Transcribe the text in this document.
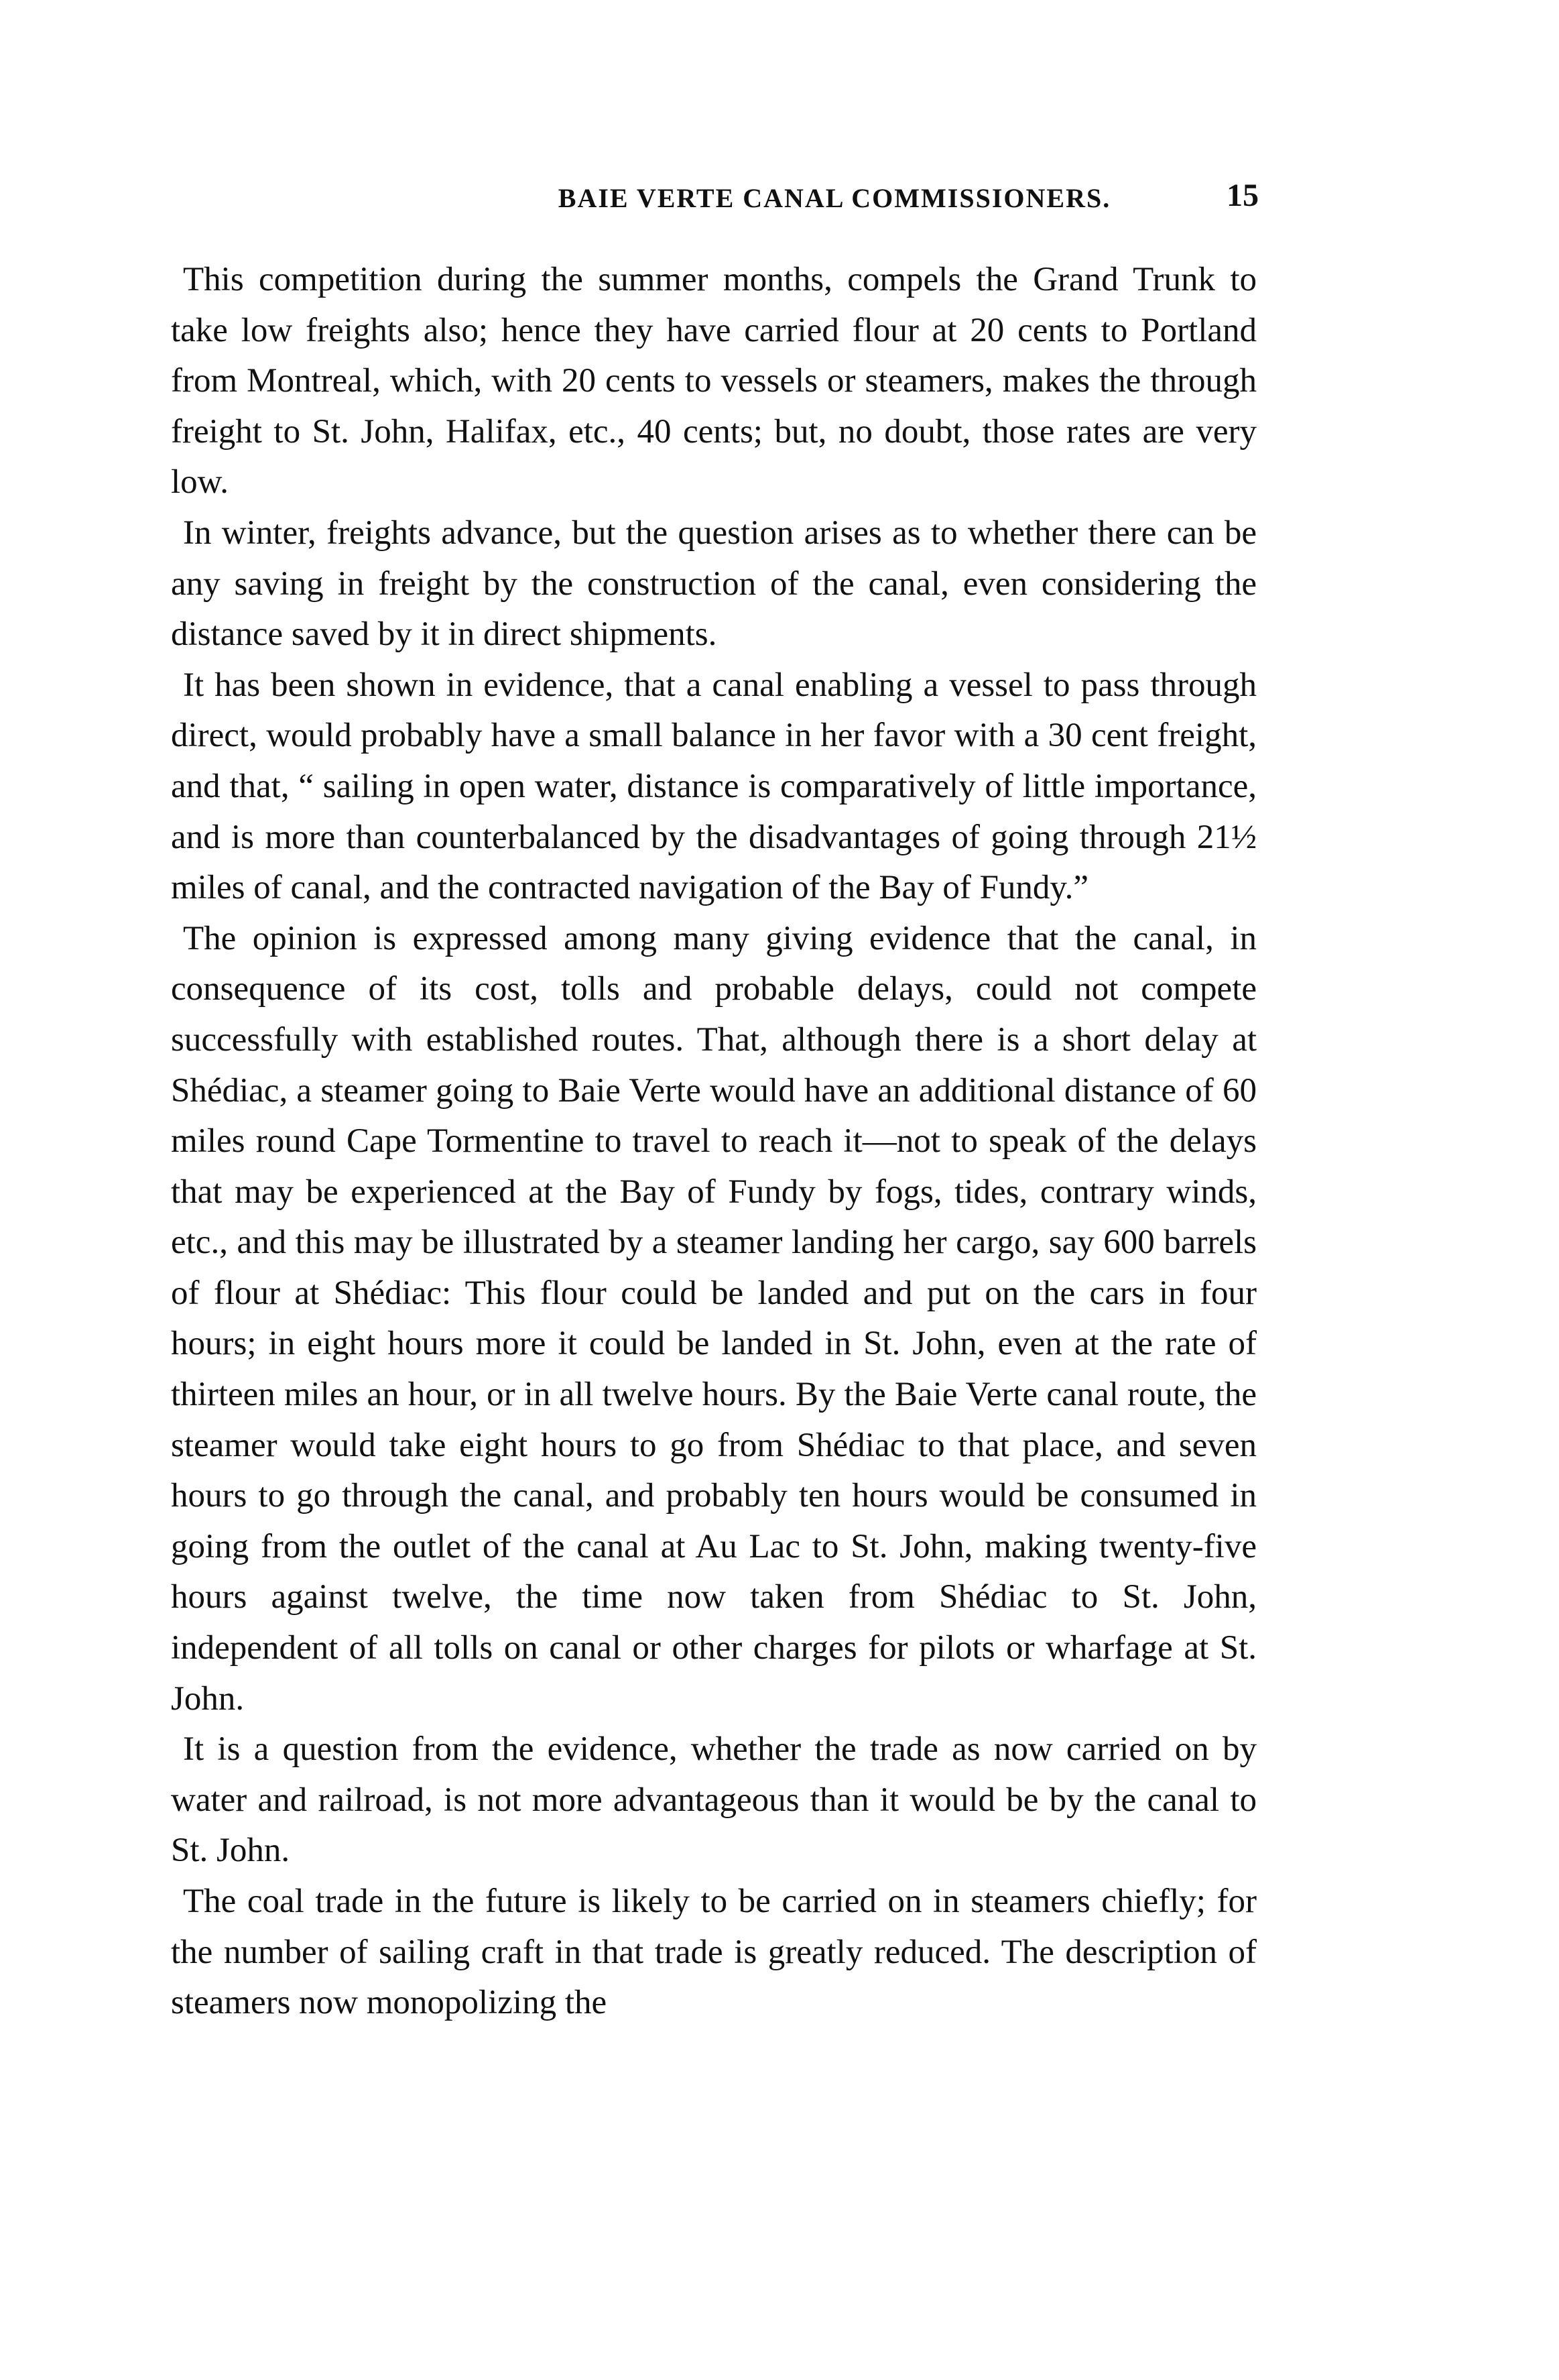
BAIE VERTE CANAL COMMISSIONERS.	15

This competition during the summer months, compels the Grand Trunk to take low freights also; hence they have carried flour at 20 cents to Portland from Montreal, which, with 20 cents to vessels or steamers, makes the through freight to St. John, Halifax, etc., 40 cents; but, no doubt, those rates are very low.

In winter, freights advance, but the question arises as to whether there can be any saving in freight by the construction of the canal, even considering the distance saved by it in direct shipments.

It has been shown in evidence, that a canal enabling a vessel to pass through direct, would probably have a small balance in her favor with a 30 cent freight, and that, “ sailing in open water, distance is comparatively of little importance, and is more than counterbalanced by the disadvantages of going through 21½ miles of canal, and the contracted navigation of the Bay of Fundy.”

The opinion is expressed among many giving evidence that the canal, in consequence of its cost, tolls and probable delays, could not compete successfully with established routes. That, although there is a short delay at Shédiac, a steamer going to Baie Verte would have an additional distance of 60 miles round Cape Tormentine to travel to reach it—not to speak of the delays that may be experienced at the Bay of Fundy by fogs, tides, contrary winds, etc., and this may be illustrated by a steamer landing her cargo, say 600 barrels of flour at Shédiac: This flour could be landed and put on the cars in four hours; in eight hours more it could be landed in St. John, even at the rate of thirteen miles an hour, or in all twelve hours. By the Baie Verte canal route, the steamer would take eight hours to go from Shédiac to that place, and seven hours to go through the canal, and probably ten hours would be consumed in going from the outlet of the canal at Au Lac to St. John, making twenty-five hours against twelve, the time now taken from Shédiac to St. John, independent of all tolls on canal or other charges for pilots or wharfage at St. John.

It is a question from the evidence, whether the trade as now carried on by water and railroad, is not more advantageous than it would be by the canal to St. John.

The coal trade in the future is likely to be carried on in steamers chiefly; for the number of sailing craft in that trade is greatly reduced. The description of steamers now monopolizing the
